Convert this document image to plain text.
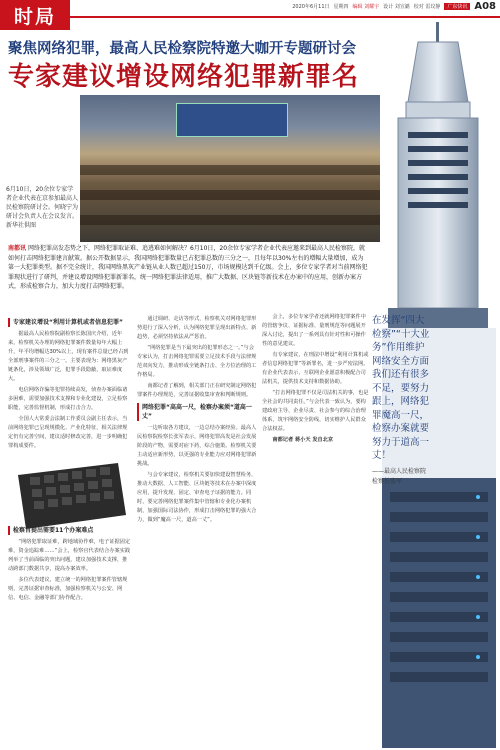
时局	2020年6月11日 星期四 编辑 刘耀宇 设计 刘宣潞 校对 雷玟静	广东快讯 A08
聚焦网络犯罪，最高人民检察院特邀大咖开专题研讨会
专家建议增设网络犯罪新罪名
6月10日，20余位专家学者企业代表在京参加最高人民检察院研讨会。何晓宁为研讨会负责人在会议发言。 新华社供图
南都讯 网络犯罪高发态势之下，网络犯罪取证难、追逃难如何解决？6月10日，20余位专家学者企业代表应邀来到最高人民检察院，就如何打击网络犯罪建言献策。据公开数据显示，我国网络犯罪数量已占犯罪总数的三分之一，且每年以30%左右的增幅大量增加，成为第一大犯罪类型。据不完全统计，我国网络黑灰产业链从业人数已超过150万，市场规模达到千亿级。会上，多位专家学者对当前网络犯罪现状进行了研判，并建议增设网络犯罪新罪名，统一网络犯罪法律适用，推广大数据、区块链等新技术在办案中的应用，创新办案方式，形成检察合力，加大力度打击网络犯罪。
专家建议增设“利用计算机或者信息犯罪”

据最高人民检察院副检察长陈国庆介绍，近年来，检察机关办理的网络犯罪案件数量每年大幅上升，年平均增幅达30%以上，现有案件总量已经占到全部刑事案件的三分之一。主要表现为：网络黑灰产链条化，涉及领域广泛，犯罪手段隐蔽，取证难度大。

电信网络诈骗等犯罪持续高发，侦查办案面临诸多困难，需要加强技术支撑和专业化建设，立足检察职能，完善监督机制，形成打击合力。

全国人大常委会法制工作委员会副主任表示，当前网络犯罪已呈现规模化、产业化特征，相关法律规定仍有完善空间，建议适时修改完善，进一步明确犯罪构成要件。

检察官提出需要11个办案难点

“网络犯罪取证难，跨地域协作难，电子证据固定难，资金追踪难……”会上，检察官代表结合办案实践列举了当前面临的突出问题，建议加强技术支撑，推动跨部门数据共享，提高办案效率。

多位代表建议，建立统一的网络犯罪案件管辖规则，完善证据审查标准，加强检察机关与公安、网信、电信、金融等部门协作配合。

通过调研、走访等形式，检察机关对网络犯罪形势进行了深入分析，认为网络犯罪呈现出新特点、新趋势，必须坚持依法从严惩治。

“网络犯罪是当下最突出的犯罪形态之一。”与会专家认为，打击网络犯罪需要立足技术手段与法律规范双向发力，推动形成全链条打击、全方位治理的工作格局。

南都记者了解到，相关部门正在研究制定网络犯罪案件办理规范，完善证据收集审查和判断规则。

网络犯罪“高高一尺，检察办案须“道高一丈”

一边听取各方建议，一边总结办案经验。最高人民检察院检察长张军表示，网络犯罪高发是社会发展阶段的产物，需要对症下药，综合施策。检察机关要主动适应新形势，以更强的专业能力应对网络犯罪新挑战。

与会专家建议，检察机关要加快建设智慧检务，推动大数据、人工智能、区块链等技术在办案中深度应用，提升发现、固定、审查电子证据的能力。同时，要完善网络犯罪案件集中管辖和专业化办案机制，加强国际司法协作，形成打击网络犯罪的强大合力，做到“魔高一尺，道高一丈”。

会上，多位专家学者还就网络犯罪案件中的管辖争议、证据标准、量刑规范等问题展开深入讨论，提出了一系列具有针对性和可操作性的意见建议。

有专家建议，在刑法中增设“利用计算机或者信息网络犯罪”等新罪名，进一步严密法网。有企业代表表示，互联网企业愿意积极配合司法机关，提供技术支持和数据协助。

“打击网络犯罪不仅是司法机关的事，也是全社会的共同责任。”与会代表一致认为，要构建政府主导、企业尽责、社会参与的综合治理体系，筑牢网络安全防线，切实维护人民群众合法权益。

南都记者 蒋小天 发自北京

在发挥“四大检察”“十大业务”作用维护网络安全方面我们还有很多不足，要努力跟上，网络犯罪魔高一尺，检察办案就要努力于道高一丈！
——最高人民检察院检察长张军
